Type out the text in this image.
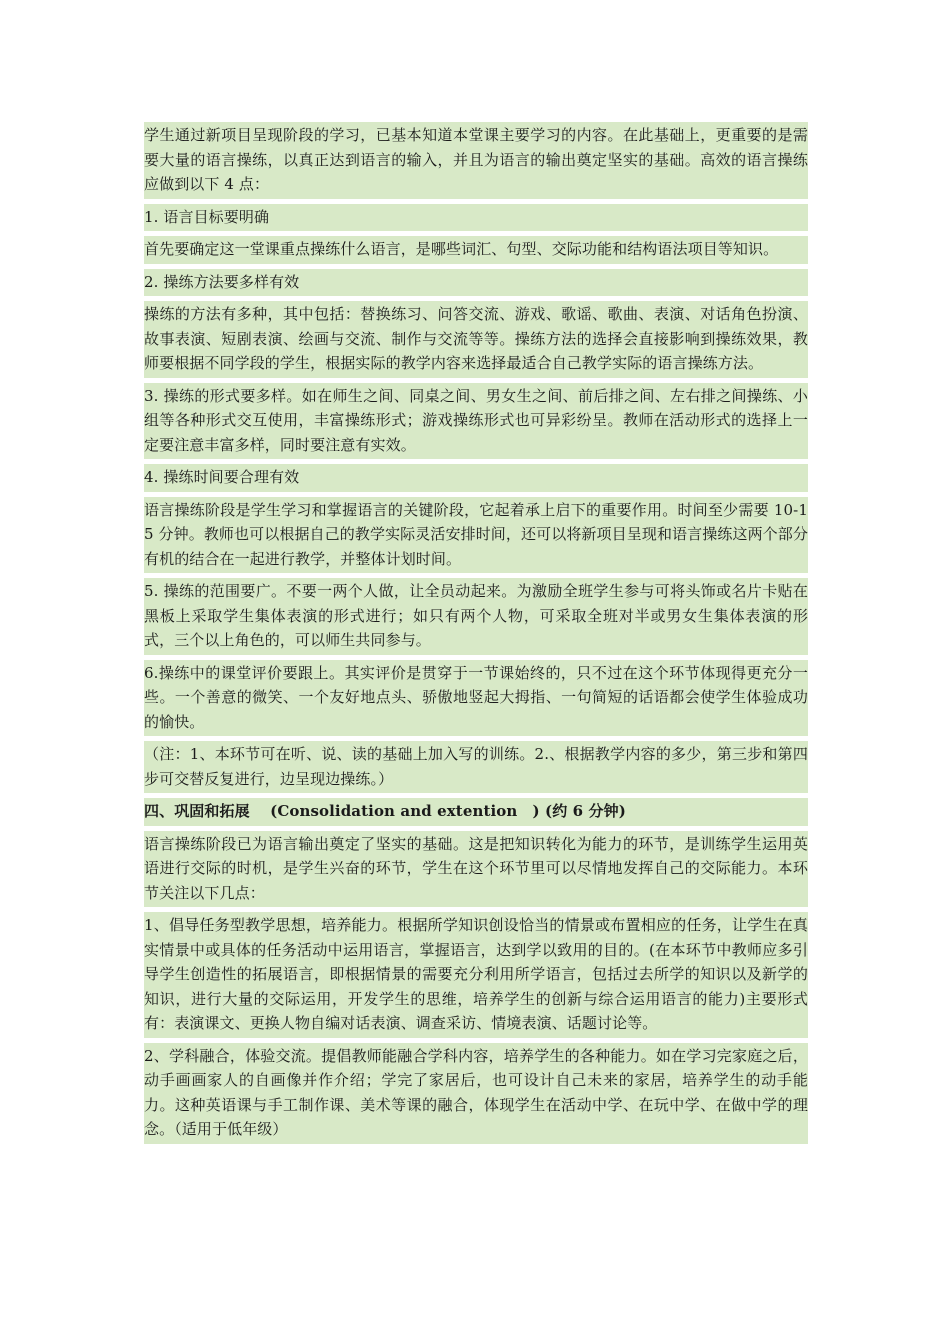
学生通过新项目呈现阶段的学习，已基本知道本堂课主要学习的内容。在此基础上，更重要的是需要大量的语言操练，以真正达到语言的输入，并且为语言的输出奠定坚实的基础。高效的语言操练应做到以下 4 点：

1. 语言目标要明确

首先要确定这一堂课重点操练什么语言，是哪些词汇、句型、交际功能和结构语法项目等知识。

2. 操练方法要多样有效

操练的方法有多种，其中包括：替换练习、问答交流、游戏、歌谣、歌曲、表演、对话角色扮演、故事表演、短剧表演、绘画与交流、制作与交流等等。操练方法的选择会直接影响到操练效果，教师要根据不同学段的学生，根据实际的教学内容来选择最适合自己教学实际的语言操练方法。

3. 操练的形式要多样。如在师生之间、同桌之间、男女生之间、前后排之间、左右排之间操练、小组等各种形式交互使用，丰富操练形式；游戏操练形式也可异彩纷呈。教师在活动形式的选择上一定要注意丰富多样，同时要注意有实效。

4. 操练时间要合理有效

语言操练阶段是学生学习和掌握语言的关键阶段，它起着承上启下的重要作用。时间至少需要 10-15 分钟。教师也可以根据自己的教学实际灵活安排时间，还可以将新项目呈现和语言操练这两个部分有机的结合在一起进行教学，并整体计划时间。

5. 操练的范围要广。不要一两个人做，让全员动起来。为激励全班学生参与可将头饰或名片卡贴在黑板上采取学生集体表演的形式进行；如只有两个人物，可采取全班对半或男女生集体表演的形式，三个以上角色的，可以师生共同参与。

6.操练中的课堂评价要跟上。其实评价是贯穿于一节课始终的，只不过在这个环节体现得更充分一些。一个善意的微笑、一个友好地点头、骄傲地竖起大拇指、一句简短的话语都会使学生体验成功的愉快。

（注：1、本环节可在听、说、读的基础上加入写的训练。2.、根据教学内容的多少，第三步和第四步可交替反复进行，边呈现边操练。）

四、巩固和拓展　 (Consolidation and extention　) (约 6 分钟)

语言操练阶段已为语言输出奠定了坚实的基础。这是把知识转化为能力的环节，是训练学生运用英语进行交际的时机，是学生兴奋的环节，学生在这个环节里可以尽情地发挥自己的交际能力。本环节关注以下几点：

1、倡导任务型教学思想，培养能力。根据所学知识创设恰当的情景或布置相应的任务，让学生在真实情景中或具体的任务活动中运用语言，掌握语言，达到学以致用的目的。(在本环节中教师应多引导学生创造性的拓展语言，即根据情景的需要充分利用所学语言，包括过去所学的知识以及新学的知识，进行大量的交际运用，开发学生的思维，培养学生的创新与综合运用语言的能力)主要形式有：表演课文、更换人物自编对话表演、调查采访、情境表演、话题讨论等。

2、学科融合，体验交流。提倡教师能融合学科内容，培养学生的各种能力。如在学习完家庭之后，动手画画家人的自画像并作介绍；学完了家居后，也可设计自己未来的家居，培养学生的动手能力。这种英语课与手工制作课、美术等课的融合，体现学生在活动中学、在玩中学、在做中学的理念。（适用于低年级）
